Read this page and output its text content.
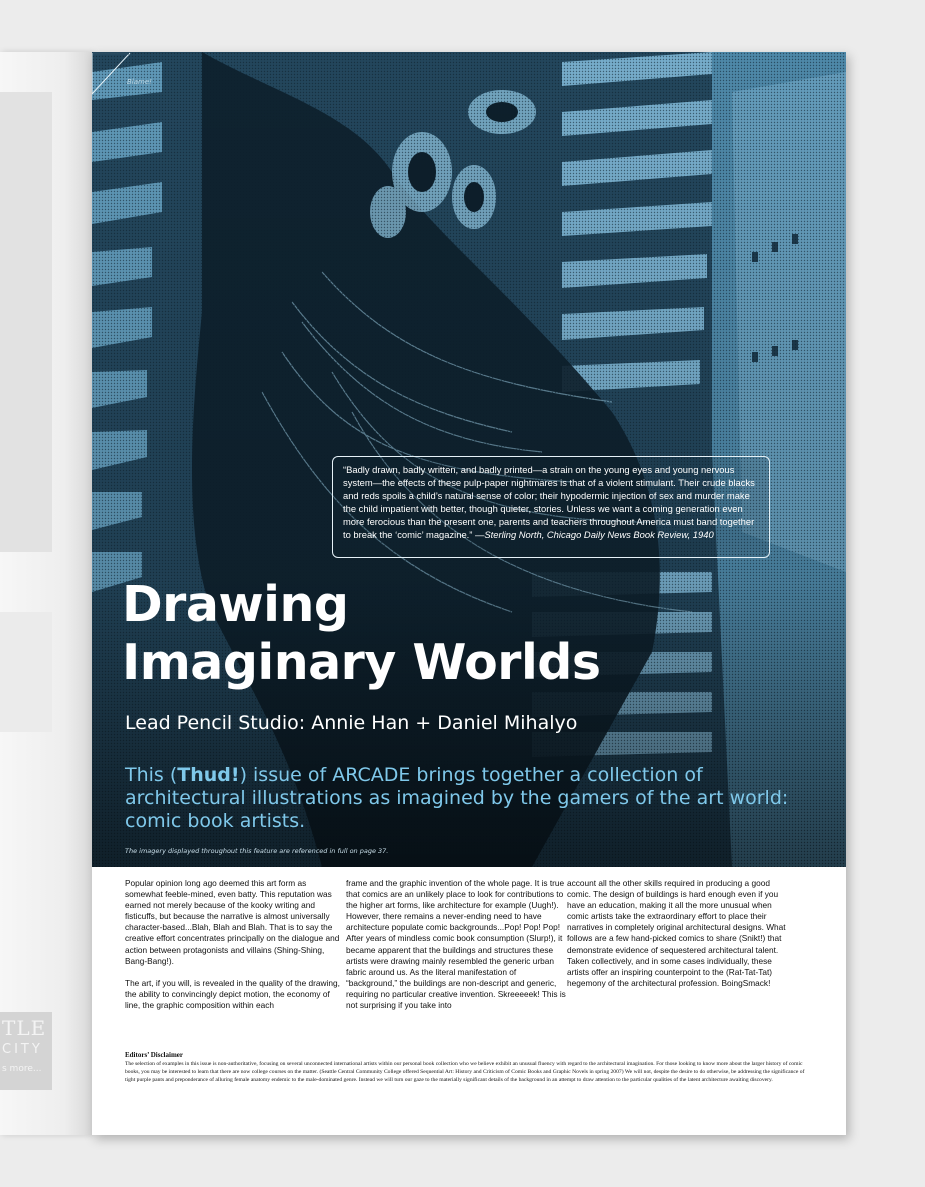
TLE
CITY
s more...
Blame!

“Badly drawn, badly written, and badly printed—a strain on the young eyes and young nervous system—the effects of these pulp-paper nightmares is that of a violent stimulant. Their crude blacks and reds spoils a child’s natural sense of color; their hypodermic injection of sex and murder make the child impatient with better, though quieter, stories. Unless we want a coming generation even more ferocious than the present one, parents and teachers throughout America must band together to break the ‘comic’ magazine.” —Sterling North, Chicago Daily News Book Review, 1940

Drawing
Imaginary Worlds
Lead Pencil Studio: Annie Han + Daniel Mihalyo

This (Thud!) issue of ARCADE brings together a collection of architectural illustrations as imagined by the gamers of the art world: comic book artists.

The imagery displayed throughout this feature are referenced in full on page 37.

Popular opinion long ago deemed this art form as somewhat feeble-mined, even batty. This reputation was earned not merely because of the kooky writing and fisticuffs, but because the narrative is almost universally character-based...Blah, Blah and Blah. That is to say the creative effort concentrates principally on the dialogue and action between protagonists and villains (Shing-Shing, Bang-Bang!).

The art, if you will, is revealed in the quality of the drawing, the ability to convincingly depict motion, the economy of line, the graphic composition within each

frame and the graphic invention of the whole page. It is true that comics are an unlikely place to look for contributions to the higher art forms, like architecture for example (Uugh!). However, there remains a never-ending need to have architecture populate comic backgrounds...Pop! Pop! Pop! After years of mindless comic book consumption (Slurp!), it became apparent that the buildings and structures these artists were drawing mainly resembled the generic urban fabric around us. As the literal manifestation of “background,” the buildings are non-descript and generic, requiring no particular creative invention. Skreeeeek! This is not surprising if you take into

account all the other skills required in producing a good comic. The design of buildings is hard enough even if you have an education, making it all the more unusual when comic artists take the extraordinary effort to place their narratives in completely original architectural designs. What follows are a few hand-picked comics to share (Snikt!) that demonstrate evidence of sequestered architectural talent. Taken collectively, and in some cases individually, these artists offer an inspiring counterpoint to the (Rat-Tat-Tat) hegemony of the architectural profession. BoingSmack!

Editors’ Disclaimer

The selection of examples in this issue is non-authoritative, focusing on several unconnected international artists within our personal book collection who we believe exhibit an unusual fluency with regard to the architectural imagination. For those looking to know more about the larger history of comic books, you may be interested to learn that there are now college courses on the matter. (Seattle Central Community College offered Sequential Art: History and Criticism of Comic Books and Graphic Novels in spring 2007) We will not, despite the desire to do otherwise, be addressing the significance of tight purple pants and preponderance of alluring female anatomy endemic to the male-dominated genre. Instead we will turn our gaze to the materially significant details of the background in an attempt to draw attention to the particular qualities of the latent architecture awaiting discovery.
